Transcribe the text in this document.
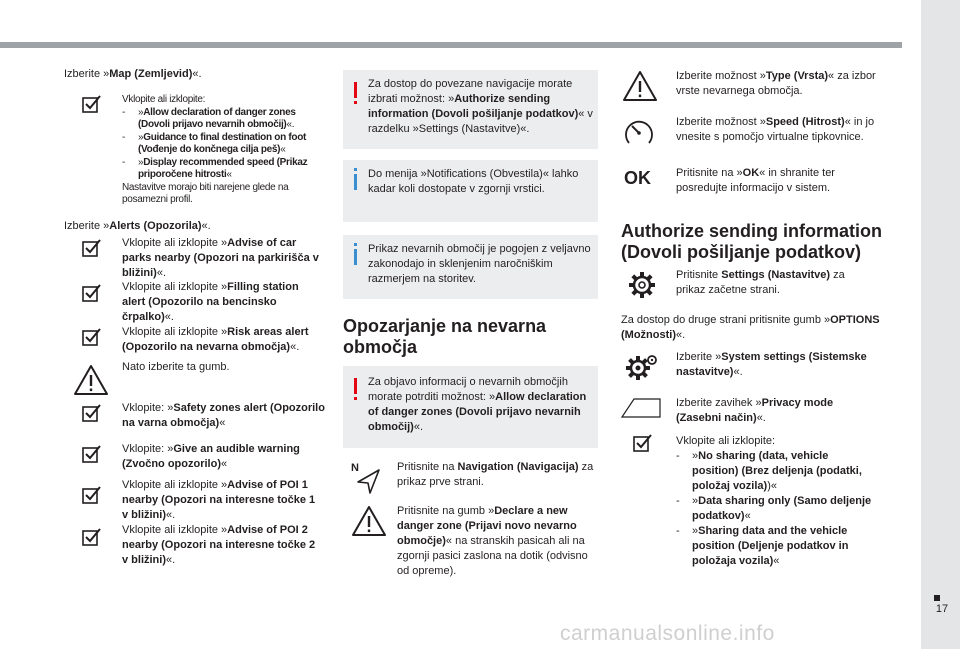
17
carmanualsonline.info
Izberite »Map (Zemljevid)«.
Vklopite ali izklopite:
- »Allow declaration of danger zones (Dovoli prijavo nevarnih območij)«.
- »Guidance to final destination on foot (Vođenje do končnega cilja peš)«
- »Display recommended speed (Prikaz priporočene hitrosti«
Nastavitve morajo biti narejene glede na posamezni profil.
Izberite »Alerts (Opozorila)«.
Vklopite ali izklopite »Advise of car parks nearby (Opozori na parkirišča v bližini)«.
Vklopite ali izklopite »Filling station alert (Opozorilo na bencinsko črpalko)«.
Vklopite ali izklopite »Risk areas alert (Opozorilo na nevarna območja)«.
Nato izberite ta gumb.
Vklopite: »Safety zones alert (Opozorilo na varna območja)«
Vklopite: »Give an audible warning (Zvočno opozorilo)«
Vklopite ali izklopite »Advise of POI 1 nearby (Opozori na interesne točke 1 v bližini)«.
Vklopite ali izklopite »Advise of POI 2 nearby (Opozori na interesne točke 2 v bližini)«.
Za dostop do povezane navigacije morate izbrati možnost: »Authorize sending information (Dovoli pošiljanje podatkov)« v razdelku »Settings (Nastavitve)«.
Do menija »Notifications (Obvestila)« lahko kadar koli dostopate v zgornji vrstici.
Prikaz nevarnih območij je pogojen z veljavno zakonodajo in sklenjenim naročniškim razmerjem na storitev.
Opozarjanje na nevarna območja
Za objavo informacij o nevarnih območjih morate potrditi možnost: »Allow declaration of danger zones (Dovoli prijavo nevarnih območij)«.
N	Pritisnite na Navigation (Navigacija) za prikaz prve strani.
Pritisnite na gumb »Declare a new danger zone (Prijavi novo nevarno območje)« na stranskih pasicah ali na zgornji pasici zaslona na dotik (odvisno od opreme).
Izberite možnost »Type (Vrsta)« za izbor vrste nevarnega območja.
Izberite možnost »Speed (Hitrost)« in jo vnesite s pomočjo virtualne tipkovnice.
OK Pritisnite na »OK« in shranite ter posredujte informacijo v sistem.
Authorize sending information (Dovoli pošiljanje podatkov)
Pritisnite Settings (Nastavitve) za prikaz začetne strani.
Za dostop do druge strani pritisnite gumb »OPTIONS (Možnosti)«.
Izberite »System settings (Sistemske nastavitve)«.
Izberite zavihek »Privacy mode (Zasebni način)«.
Vklopite ali izklopite:
- »No sharing (data, vehicle position) (Brez deljenja (podatki, položaj vozila))«
- »Data sharing only (Samo deljenje podatkov)«
- »Sharing data and the vehicle position (Deljenje podatkov in položaja vozila)«
